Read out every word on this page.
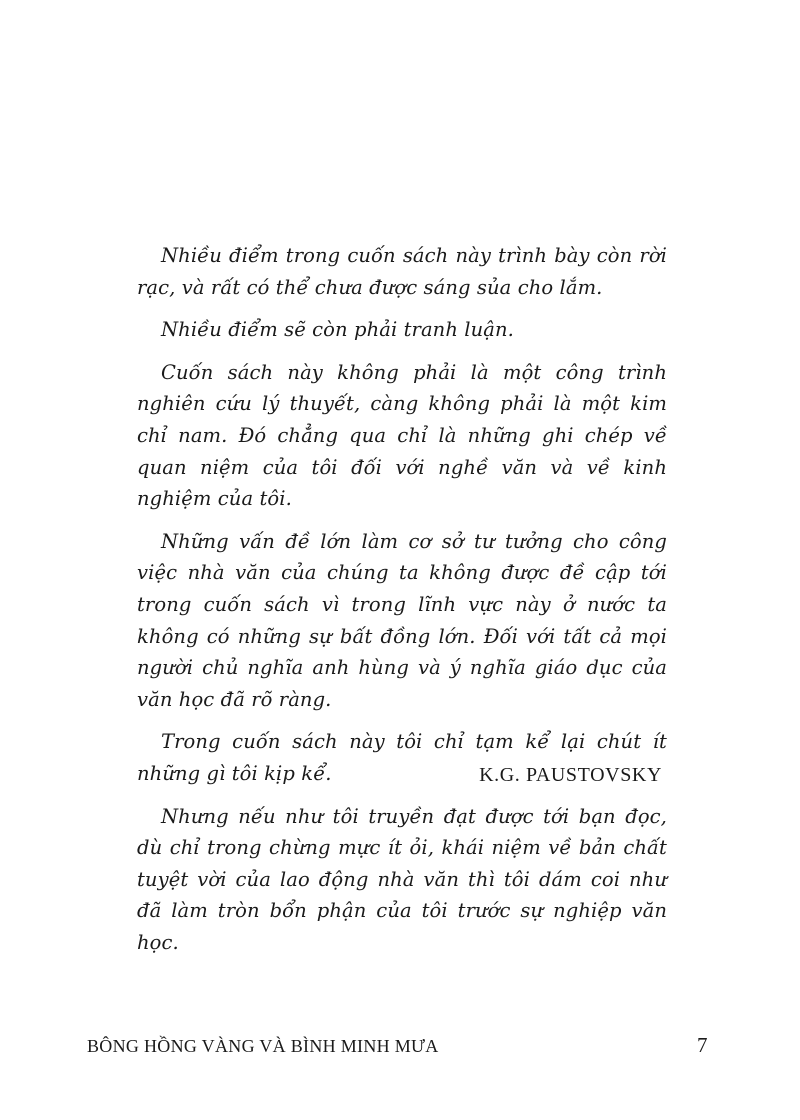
Nhiều điểm trong cuốn sách này trình bày còn rời rạc, và rất có thể chưa được sáng sủa cho lắm.

Nhiều điểm sẽ còn phải tranh luận.

Cuốn sách này không phải là một công trình nghiên cứu lý thuyết, càng không phải là một kim chỉ nam. Đó chẳng qua chỉ là những ghi chép về quan niệm của tôi đối với nghề văn và về kinh nghiệm của tôi.

Những vấn đề lớn làm cơ sở tư tưởng cho công việc nhà văn của chúng ta không được đề cập tới trong cuốn sách vì trong lĩnh vực này ở nước ta không có những sự bất đồng lớn. Đối với tất cả mọi người chủ nghĩa anh hùng và ý nghĩa giáo dục của văn học đã rõ ràng.

Trong cuốn sách này tôi chỉ tạm kể lại chút ít những gì tôi kịp kể.

Nhưng nếu như tôi truyền đạt được tới bạn đọc, dù chỉ trong chừng mực ít ỏi, khái niệm về bản chất tuyệt vời của lao động nhà văn thì tôi dám coi như đã làm tròn bổn phận của tôi trước sự nghiệp văn học.

K.G. PAUSTOVSKY
BÔNG HỒNG VÀNG VÀ BÌNH MINH MƯA	7
